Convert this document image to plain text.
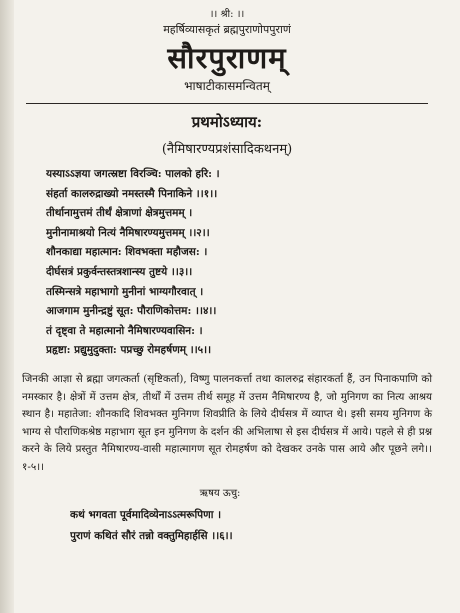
।। श्री: ।।
महर्षिव्यासकृतं ब्रह्मपुराणोपपुराणं
सौरपुराणम्
भाषाटीकासमन्वितम्
प्रथमोऽध्याय:
(नैमिषारण्यप्रशंसादिकथनम्)
यस्याऽऽज्ञया जगत्स्रष्टा विरञ्चि: पालको हरि: ।
संहर्ता कालरुद्राख्यो नमस्तस्मै पिनाकिने ।।१।।
तीर्थानामुत्तमं तीर्थं क्षेत्राणां क्षेत्रमुत्तमम् ।
मुनीनामाश्रयो नित्यं नैमिषारण्यमुत्तमम् ।।२।।
शौनकाद्या महात्मान: शिवभक्ता महौजस: ।
दीर्घसत्रं प्रकुर्वन्तस्तत्रशान्स्य तुष्टये ।।३।।
तस्मिन्सत्रे महाभागो मुनीनां भाग्यगौरवात् ।
आजगाम मुनीन्द्रष्टुं सूत: पौराणिकोत्तम: ।।४।।
तं दृष्ट्वा ते महात्मानो नैमिषारण्यवासिन: ।
प्रहृष्टा: प्रद्युमुदुक्ता: पप्रच्छु रोमहर्षणम् ।।५।।
जिनकी आज्ञा से ब्रह्मा जगत्कर्ता (सृष्टिकर्ता), विष्णु पालनकर्त्ता तथा कालरुद्र संहारकर्ता हैं, उन पिनाकपाणि को नमस्कार है। क्षेत्रों में उत्तम क्षेत्र, तीर्थों में उत्तम तीर्थ समूह में उत्तम नैमिषारण्य है, जो मुनिगण का नित्य आश्रय स्थान है। महातेजा: शौनकादि शिवभक्त मुनिगण शिवप्रीति के लिये दीर्घसत्र में व्याप्त थे। इसी समय मुनिगण के भाग्य से पौराणिकश्रेष्ठ महाभाग सूत इन मुनिगण के दर्शन की अभिलाषा से इस दीर्घसत्र में आये। पहले से ही प्रश्न करने के लिये प्रस्तुत नैमिषारण्य-वासी महात्मागण सूत रोमहर्षण को देखकर उनके पास आये और पूछने लगे।।१-५।।
ऋषय ऊचु:
कथं भगवता पूर्वमादिव्येनाऽऽत्मरूपिणा ।
पुराणं कथितं सौरं तन्नो वक्तुमिहार्हसि ।।६।।
